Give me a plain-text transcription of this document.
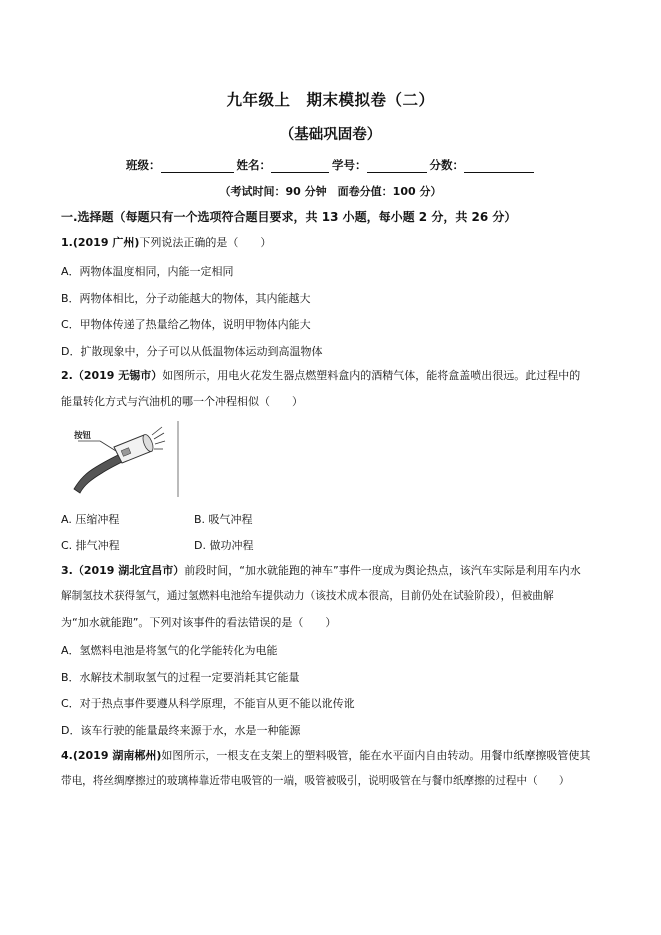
九年级上　期末模拟卷（二）
（基础巩固卷）
班级：	姓名：	学号：	分数：
（考试时间：90 分钟　面卷分值：100 分）
一.选择题（每题只有一个选项符合题目要求，共 13 小题，每小题 2 分，共 26 分）
1.(2019 广州)下列说法正确的是（　　）
A．两物体温度相同，内能一定相同
B．两物体相比，分子动能越大的物体，其内能越大
C．甲物体传递了热量给乙物体，说明甲物体内能大
D．扩散现象中，分子可以从低温物体运动到高温物体
2.（2019 无锡市）如图所示，用电火花发生器点燃塑料盒内的酒精气体，能将盒盖喷出很远。此过程中的
能量转化方式与汽油机的哪一个冲程相似（　　）
按钮
A. 压缩冲程	B. 吸气冲程
C. 排气冲程	D. 做功冲程
3.（2019 湖北宜昌市）前段时间，“加水就能跑的神车”事件一度成为舆论热点，该汽车实际是利用车内水
解制氢技术获得氢气，通过氢燃料电池给车提供动力（该技术成本很高，目前仍处在试验阶段），但被曲解
为“加水就能跑”。下列对该事件的看法错误的是（　　）
A．氢燃料电池是将氢气的化学能转化为电能
B．水解技术制取氢气的过程一定要消耗其它能量
C．对于热点事件要遵从科学原理，不能盲从更不能以讹传讹
D．该车行驶的能量最终来源于水，水是一种能源
4.(2019 湖南郴州)如图所示，一根支在支架上的塑料吸管，能在水平面内自由转动。用餐巾纸摩擦吸管使其
带电，将丝绸摩擦过的玻璃棒靠近带电吸管的一端，吸管被吸引，说明吸管在与餐巾纸摩擦的过程中（　　）
